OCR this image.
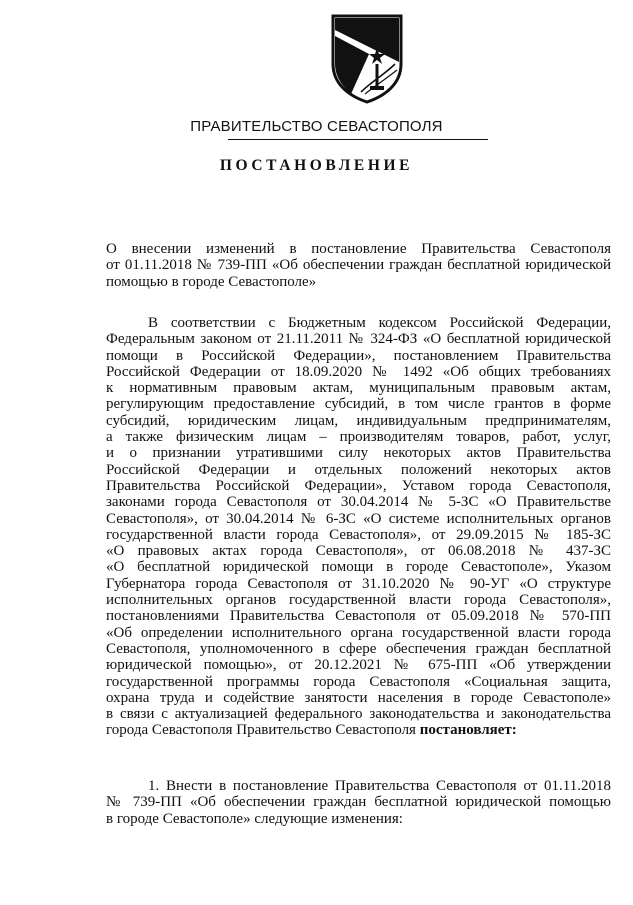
ПРАВИТЕЛЬСТВО СЕВАСТОПОЛЯ
ПОСТАНОВЛЕНИЕ
О внесении изменений в постановление Правительства Севастополя
от 01.11.2018 № 739-ПП «Об обеспечении граждан бесплатной юридической
помощью в городе Севастополе»
В соответствии с Бюджетным кодексом Российской Федерации,
Федеральным законом от 21.11.2011 № 324-ФЗ «О бесплатной юридической
помощи в Российской Федерации», постановлением Правительства
Российской Федерации от 18.09.2020 № 1492 «Об общих требованиях
к нормативным правовым актам, муниципальным правовым актам,
регулирующим предоставление субсидий, в том числе грантов в форме
субсидий, юридическим лицам, индивидуальным предпринимателям,
а также физическим лицам – производителям товаров, работ, услуг,
и о признании утратившими силу некоторых актов Правительства
Российской Федерации и отдельных положений некоторых актов
Правительства Российской Федерации», Уставом города Севастополя,
законами города Севастополя от 30.04.2014 № 5-ЗС «О Правительстве
Севастополя», от 30.04.2014 № 6-ЗС «О системе исполнительных органов
государственной власти города Севастополя», от 29.09.2015 № 185-ЗС
«О правовых актах города Севастополя», от 06.08.2018 № 437-ЗС
«О бесплатной юридической помощи в городе Севастополе», Указом
Губернатора города Севастополя от 31.10.2020 № 90-УГ «О структуре
исполнительных органов государственной власти города Севастополя»,
постановлениями Правительства Севастополя от 05.09.2018 № 570-ПП
«Об определении исполнительного органа государственной власти города
Севастополя, уполномоченного в сфере обеспечения граждан бесплатной
юридической помощью», от 20.12.2021 № 675-ПП «Об утверждении
государственной программы города Севастополя «Социальная защита,
охрана труда и содействие занятости населения в городе Севастополе»
в связи с актуализацией федерального законодательства и законодательства
города Севастополя Правительство Севастополя постановляет:
1. Внести в постановление Правительства Севастополя от 01.11.2018
№ 739-ПП «Об обеспечении граждан бесплатной юридической помощью
в городе Севастополе» следующие изменения:
